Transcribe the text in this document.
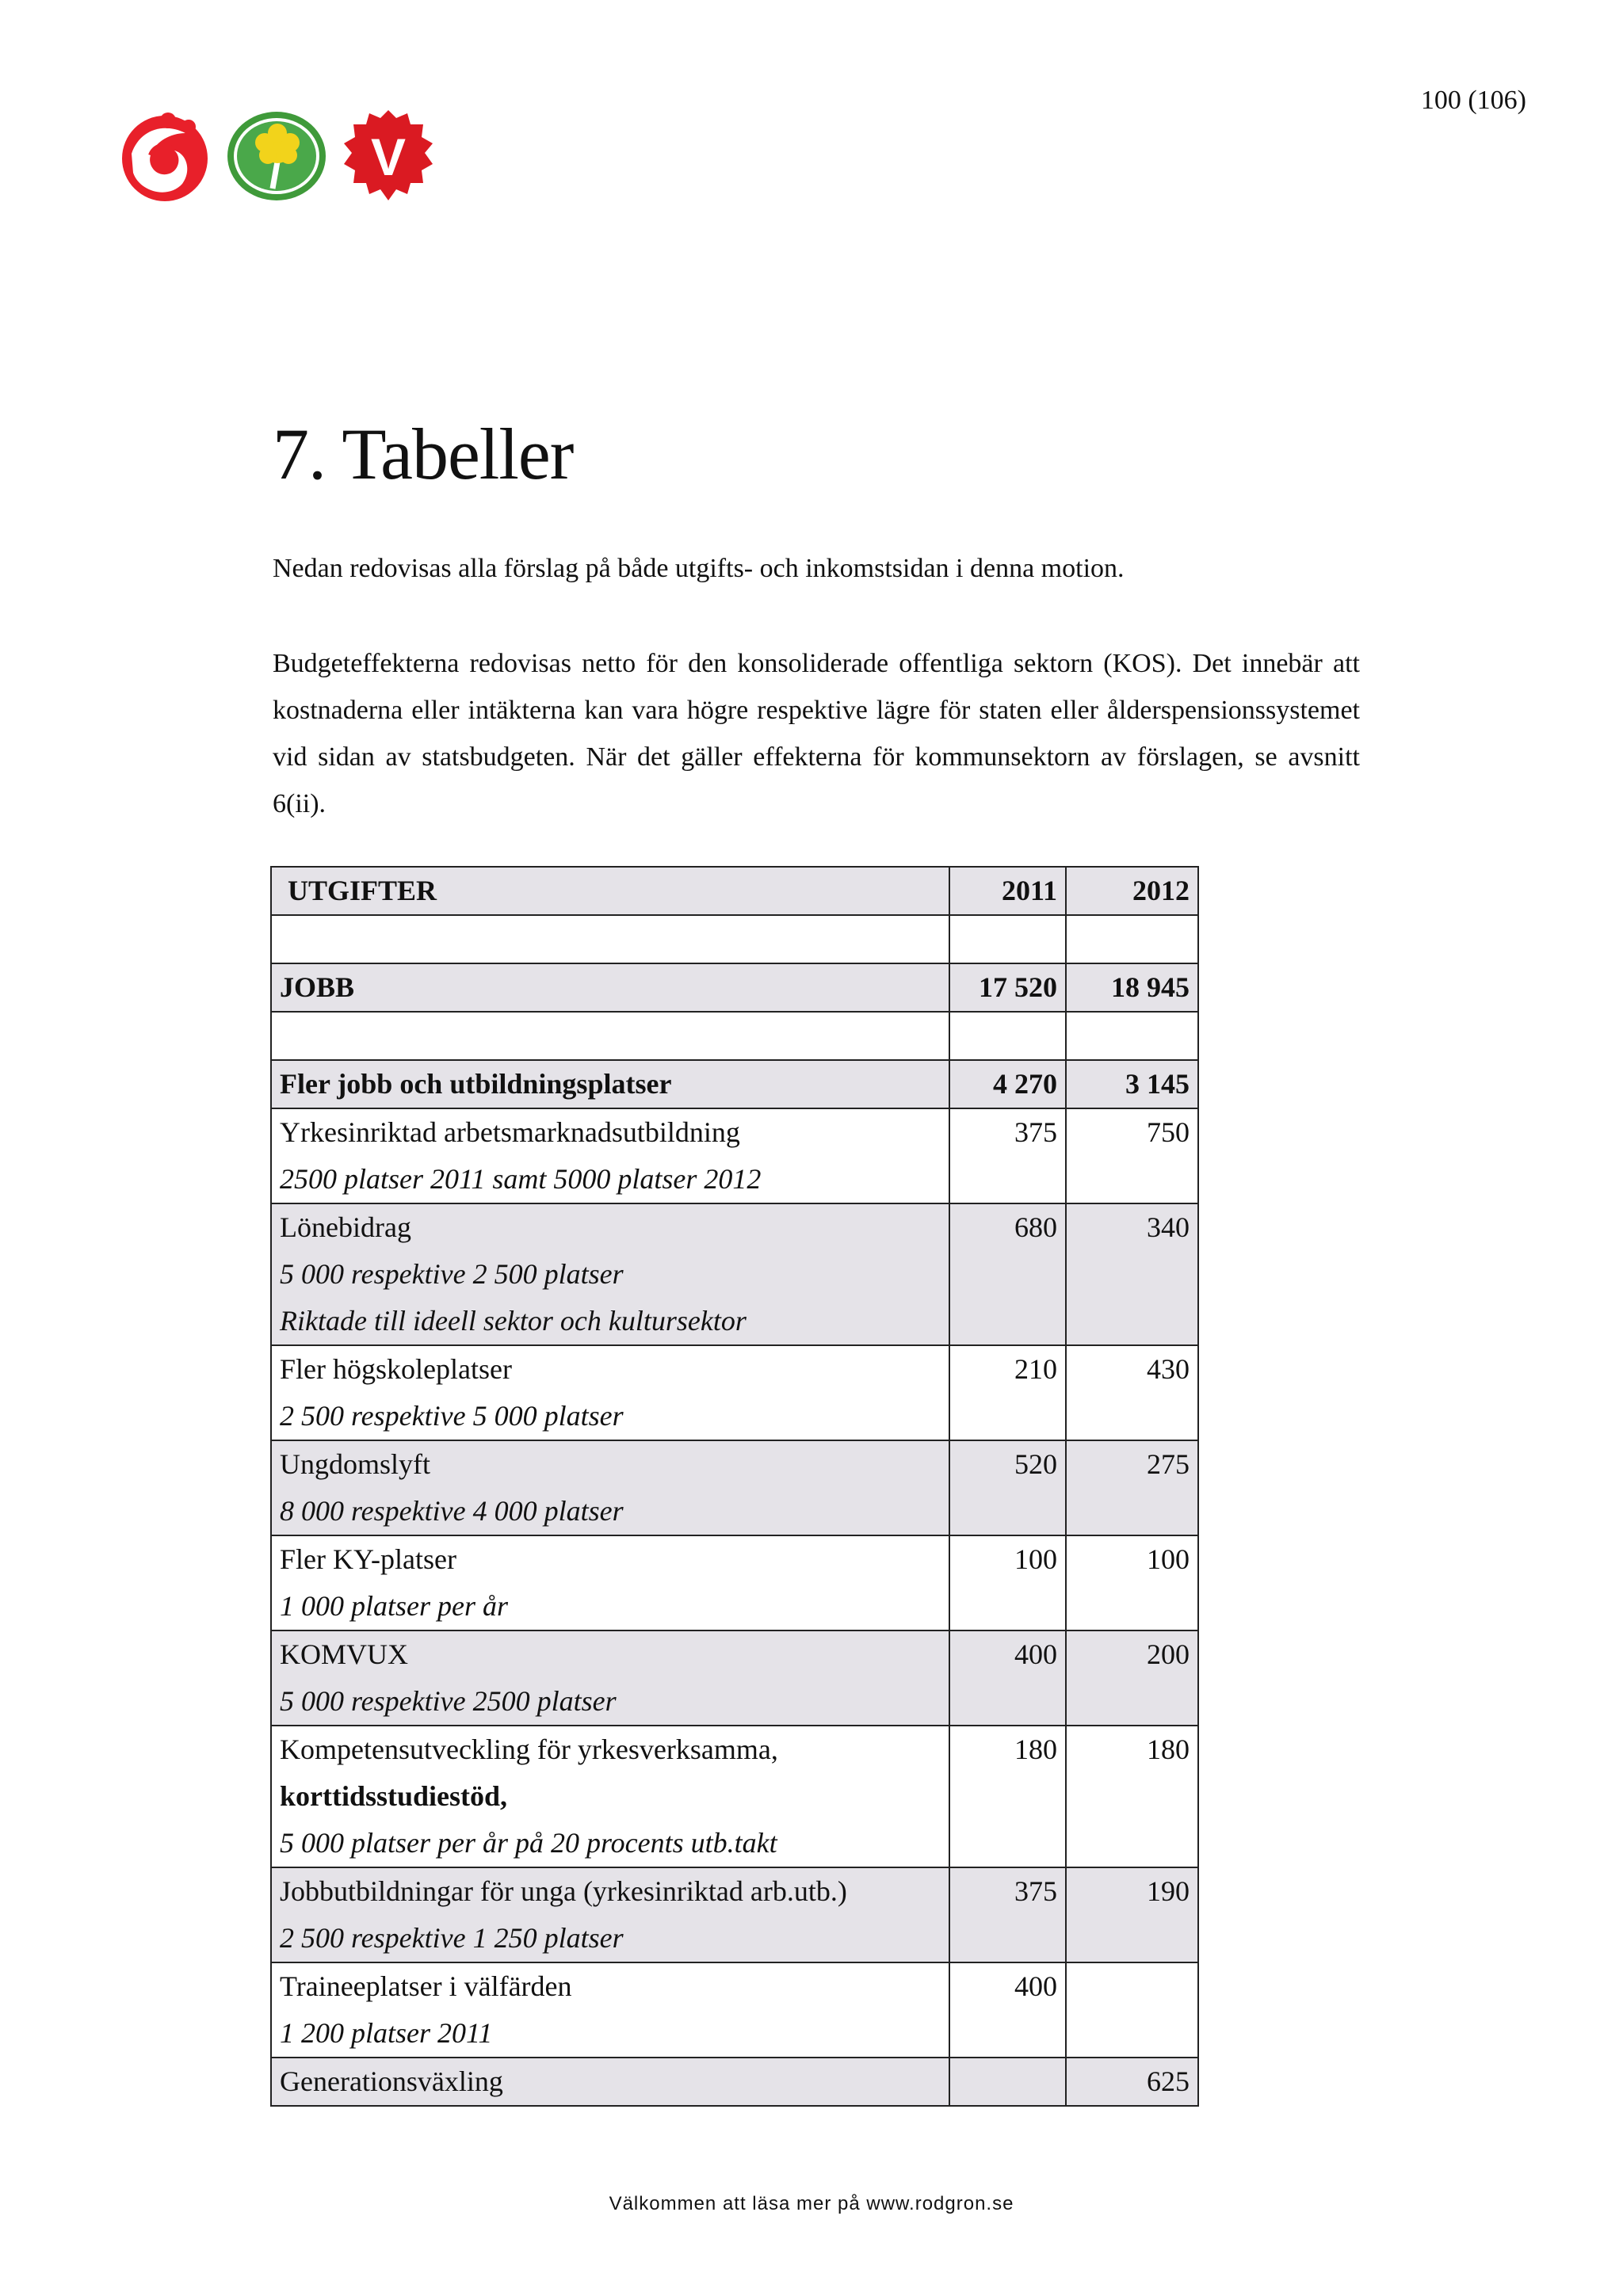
100 (106)
V
7. Tabeller

Nedan redovisas alla förslag på både utgifts- och inkomstsidan i denna motion.

Budgeteffekterna redovisas netto för den konsoliderade offentliga sektorn (KOS). Det innebär att kostnaderna eller intäkterna kan vara högre respektive lägre för staten eller ålderspensionssystemet vid sidan av statsbudgeten. När det gäller effekterna för kommunsektorn av förslagen, se avsnitt 6(ii).

UTGIFTER	2011	2012

JOBB	17 520	18 945

Fler jobb och utbildningsplatser	4 270	3 145
Yrkesinriktad arbetsmarknadsutbildning
2500 platser 2011 samt 5000 platser 2012	375	750
Lönebidrag
5 000 respektive 2 500 platser
Riktade till ideell sektor och kultursektor	680	340
Fler högskoleplatser
2 500 respektive 5 000 platser	210	430
Ungdomslyft
8 000 respektive 4 000 platser	520	275
Fler KY-platser
1 000 platser per år	100	100
KOMVUX
5 000 respektive 2500 platser	400	200
Kompetensutveckling för yrkesverksamma,
korttidsstudiestöd,
5 000 platser per år på 20 procents utb.takt	180	180
Jobbutbildningar för unga (yrkesinriktad arb.utb.)
2 500 respektive 1 250 platser	375	190
Traineeplatser i välfärden
1 200 platser 2011	400	
Generationsväxling		625
Välkommen att läsa mer på www.rodgron.se
